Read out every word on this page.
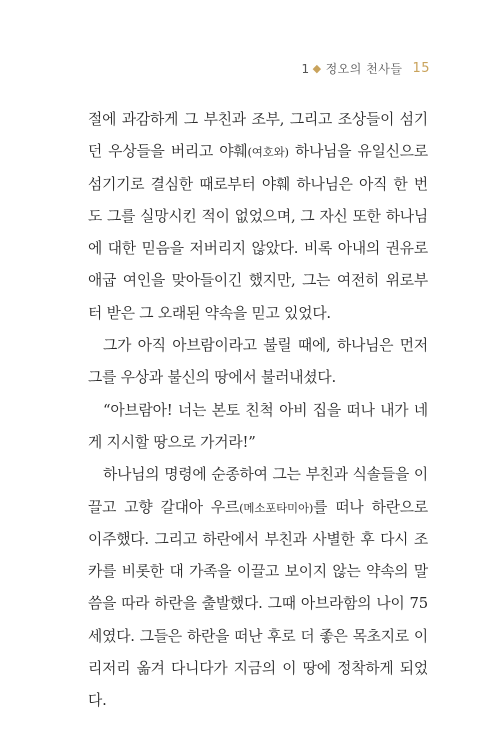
1 ◆ 정오의 천사들 15

절에 과감하게 그 부친과 조부, 그리고 조상들이 섬기던 우상들을 버리고 야훼(여호와) 하나님을 유일신으로 섬기기로 결심한 때로부터 야훼 하나님은 아직 한 번도 그를 실망시킨 적이 없었으며, 그 자신 또한 하나님에 대한 믿음을 저버리지 않았다. 비록 아내의 권유로 애굽 여인을 맞아들이긴 했지만, 그는 여전히 위로부터 받은 그 오래된 약속을 믿고 있었다.

그가 아직 아브람이라고 불릴 때에, 하나님은 먼저 그를 우상과 불신의 땅에서 불러내셨다.

“아브람아! 너는 본토 친척 아비 집을 떠나 내가 네게 지시할 땅으로 가거라!”

하나님의 명령에 순종하여 그는 부친과 식솔들을 이끌고 고향 갈대아 우르(메소포타미아)를 떠나 하란으로 이주했다. 그리고 하란에서 부친과 사별한 후 다시 조카를 비롯한 대 가족을 이끌고 보이지 않는 약속의 말씀을 따라 하란을 출발했다. 그때 아브라함의 나이 75세였다. 그들은 하란을 떠난 후로 더 좋은 목초지로 이리저리 옮겨 다니다가 지금의 이 땅에 정착하게 되었다.
